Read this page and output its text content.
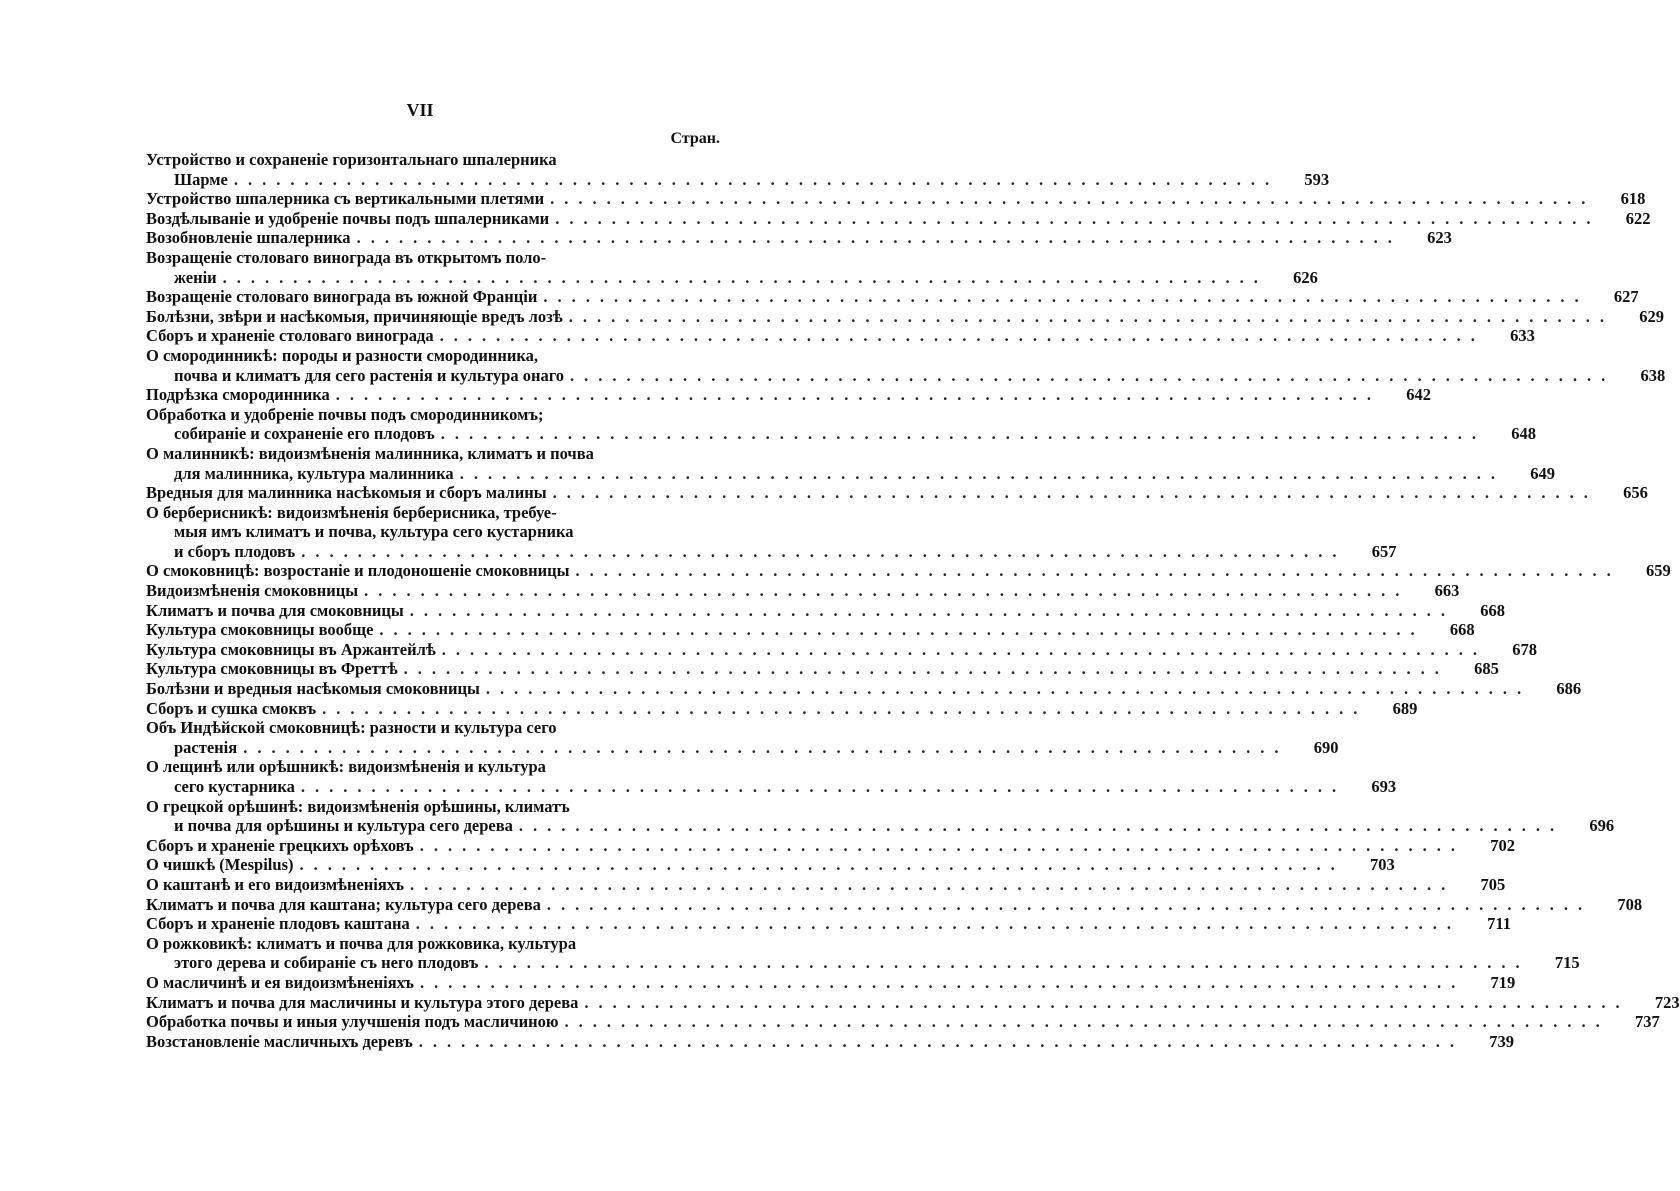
VII
Стран.
Устройство и сохраненіе горизонтальнаго шпалерника
Шарме ..........................................................................	593
Устройство шпалерника съ вертикальными плетями ..........................................................................	618
Воздѣлываніе и удобреніе почвы подъ шпалерниками ..........................................................................	622
Возобновленіе шпалерника ..........................................................................	623
Возращеніе столоваго винограда въ открытомъ поло-
женіи ..........................................................................	626
Возращеніе столоваго винограда въ южной Франціи ..........................................................................	627
Болѣзни, звѣри и насѣкомыя, причиняющіе вредъ лозѣ ..........................................................................	629
Сборъ и храненіе столоваго винограда ..........................................................................	633
О смородинникѣ: породы и разности смородинника,
почва и климатъ для сего растенія и культура онаго ..........................................................................	638
Подрѣзка смородинника ..........................................................................	642
Обработка и удобреніе почвы подъ смородинникомъ;
собираніе и сохраненіе его плодовъ ..........................................................................	648
О малинникѣ: видоизмѣненія малинника, климатъ и почва
для малинника, культура малинника ..........................................................................	649
Вредныя для малинника насѣкомыя и сборъ малины ..........................................................................	656
О берберисникѣ: видоизмѣненія берберисника, требуе-
мыя имъ климатъ и почва, культура сего кустарника
и сборъ плодовъ ..........................................................................	657
О смоковницѣ: возростаніе и плодоношеніе смоковницы ..........................................................................	659
Видоизмѣненія смоковницы ..........................................................................	663
Климатъ и почва для смоковницы ..........................................................................	668
Культура смоковницы вообще ..........................................................................	668
Культура смоковницы въ Аржантейлѣ ..........................................................................	678
Культура смоковницы въ Фреттѣ ..........................................................................	685
Болѣзни и вредныя насѣкомыя смоковницы ..........................................................................	686
Сборъ и сушка смоквъ ..........................................................................	689
Объ Индѣйской смоковницѣ: разности и культура сего
растенія ..........................................................................	690
О лещинѣ или орѣшникѣ: видоизмѣненія и культура
сего кустарника ..........................................................................	693
О грецкой орѣшинѣ: видоизмѣненія орѣшины, климатъ
и почва для орѣшины и культура сего дерева ..........................................................................	696
Сборъ и храненіе грецкихъ орѣховъ ..........................................................................	702
О чишкѣ (Mespilus) ..........................................................................	703
О каштанѣ и его видоизмѣненіяхъ ..........................................................................	705
Климатъ и почва для каштана; культура сего дерева ..........................................................................	708
Сборъ и храненіе плодовъ каштана ..........................................................................	711
О рожковикѣ: климатъ и почва для рожковика, культура
этого дерева и собираніе съ него плодовъ ..........................................................................	715
О масличинѣ и ея видоизмѣненіяхъ ..........................................................................	719
Климатъ и почва для масличины и культура этого дерева ..........................................................................	723
Обработка почвы и иныя улучшенія подъ масличиною ..........................................................................	737
Возстановленіе масличныхъ деревъ ..........................................................................	739
